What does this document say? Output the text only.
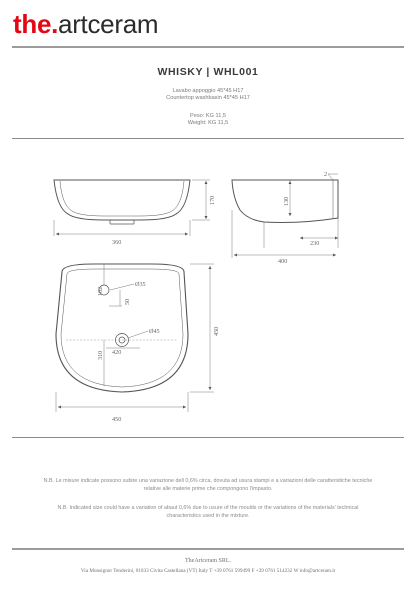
the.artceram
WHISKY | WHL001
Lavabo appoggio 45*45 H17
Countertop washbasin 45*45 H17
Peso: KG 11,5
Weight: KG 11,5
360
170
2
130
230
400
Ø35
102
50
Ø45
310 420
450
450
N.B. Le misure indicate possono subire una variazione dell 0,6% circa, dovuta ad usura stampi e a variazioni delle caratteristiche tecniche relative alle materie prime che compongono l'impasto.
N.B. Indicated size could have a variation of abaut 0,6% due to usure of the moulds or the variations of the materials' technical characteristics used in the mixture.
TheArtceram SRL.
Via Monsignor Tenderini, 01033 Civita Castellana (VT) Italy T +39 0761 599499 F +39 0761 514232 W info@artceram.it
